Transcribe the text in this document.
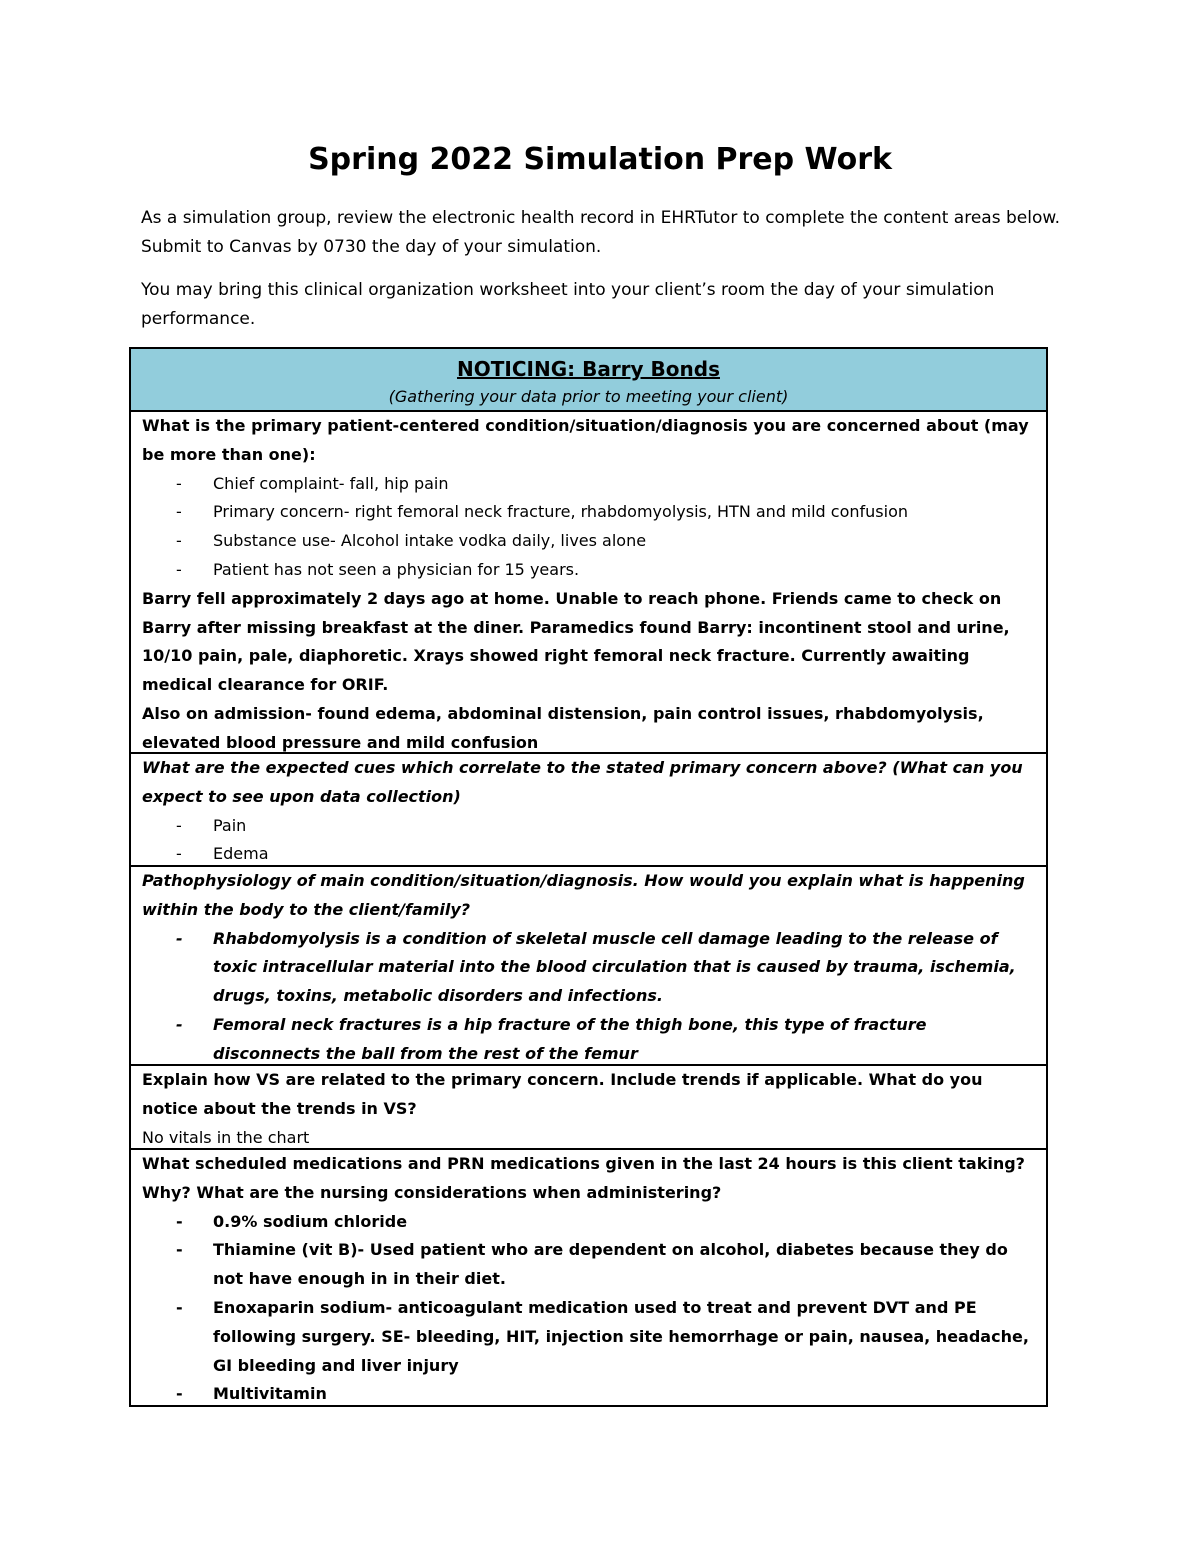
Spring 2022 Simulation Prep Work

As a simulation group, review the electronic health record in EHRTutor to complete the content areas below. Submit to Canvas by 0730 the day of your simulation.

You may bring this clinical organization worksheet into your client’s room the day of your simulation performance.

NOTICING: Barry Bonds
(Gathering your data prior to meeting your client)

What is the primary patient-centered condition/situation/diagnosis you are concerned about (may be more than one):

- Chief complaint- fall, hip pain
- Primary concern- right femoral neck fracture, rhabdomyolysis, HTN and mild confusion
- Substance use- Alcohol intake vodka daily, lives alone
- Patient has not seen a physician for 15 years.

Barry fell approximately 2 days ago at home. Unable to reach phone. Friends came to check on Barry after missing breakfast at the diner. Paramedics found Barry: incontinent stool and urine, 10/10 pain, pale, diaphoretic. Xrays showed right femoral neck fracture. Currently awaiting medical clearance for ORIF.

Also on admission- found edema, abdominal distension, pain control issues, rhabdomyolysis, elevated blood pressure and mild confusion

What are the expected cues which correlate to the stated primary concern above? (What can you expect to see upon data collection)

- Pain
- Edema

Pathophysiology of main condition/situation/diagnosis. How would you explain what is happening within the body to the client/family?

- Rhabdomyolysis is a condition of skeletal muscle cell damage leading to the release of toxic intracellular material into the blood circulation that is caused by trauma, ischemia, drugs, toxins, metabolic disorders and infections.
- Femoral neck fractures is a hip fracture of the thigh bone, this type of fracture disconnects the ball from the rest of the femur

Explain how VS are related to the primary concern. Include trends if applicable. What do you notice about the trends in VS?

No vitals in the chart

What scheduled medications and PRN medications given in the last 24 hours is this client taking? Why? What are the nursing considerations when administering?

- 0.9% sodium chloride
- Thiamine (vit B)- Used patient who are dependent on alcohol, diabetes because they do not have enough in in their diet.
- Enoxaparin sodium- anticoagulant medication used to treat and prevent DVT and PE following surgery. SE- bleeding, HIT, injection site hemorrhage or pain, nausea, headache, GI bleeding and liver injury
- Multivitamin
